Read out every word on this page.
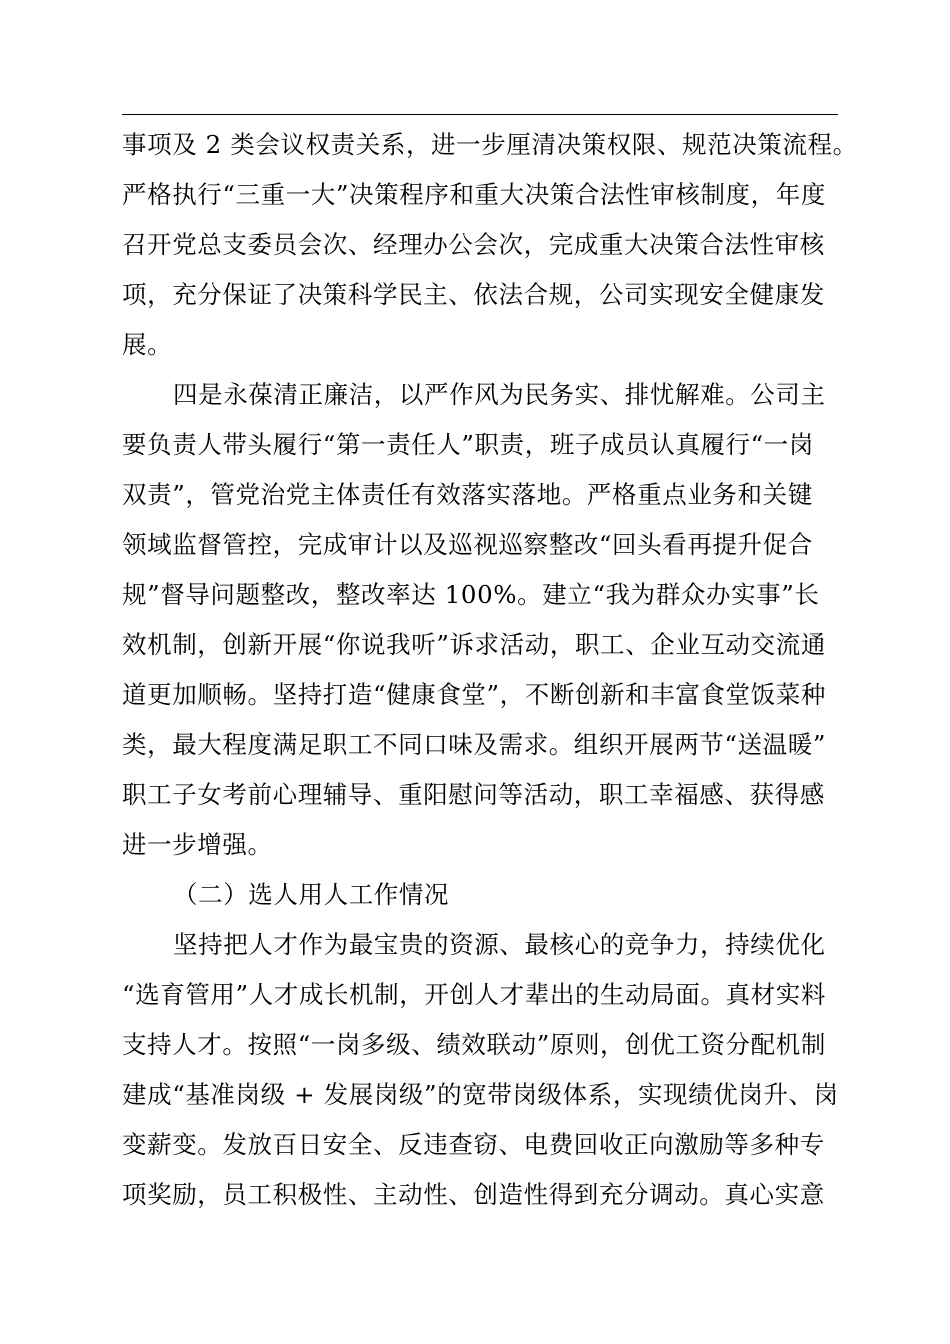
事项及 2 类会议权责关系，进一步厘清决策权限、规范决策流程。
严格执行“三重一大”决策程序和重大决策合法性审核制度，年度
召开党总支委员会次、经理办公会次，完成重大决策合法性审核
项，充分保证了决策科学民主、依法合规，公司实现安全健康发
展。
四是永葆清正廉洁，以严作风为民务实、排忧解难。公司主
要负责人带头履行“第一责任人”职责，班子成员认真履行“一岗
双责”，管党治党主体责任有效落实落地。严格重点业务和关键
领域监督管控，完成审计以及巡视巡察整改“回头看再提升促合
规”督导问题整改，整改率达 100%。建立“我为群众办实事”长
效机制，创新开展“你说我听”诉求活动，职工、企业互动交流通
道更加顺畅。坚持打造“健康食堂”，不断创新和丰富食堂饭菜种
类，最大程度满足职工不同口味及需求。组织开展两节“送温暖”
职工子女考前心理辅导、重阳慰问等活动，职工幸福感、获得感
进一步增强。
（二）选人用人工作情况
坚持把人才作为最宝贵的资源、最核心的竞争力，持续优化
“选育管用”人才成长机制，开创人才辈出的生动局面。真材实料
支持人才。按照“一岗多级、绩效联动”原则，创优工资分配机制
建成“基准岗级 + 发展岗级”的宽带岗级体系，实现绩优岗升、岗
变薪变。发放百日安全、反违查窃、电费回收正向激励等多种专
项奖励，员工积极性、主动性、创造性得到充分调动。真心实意
